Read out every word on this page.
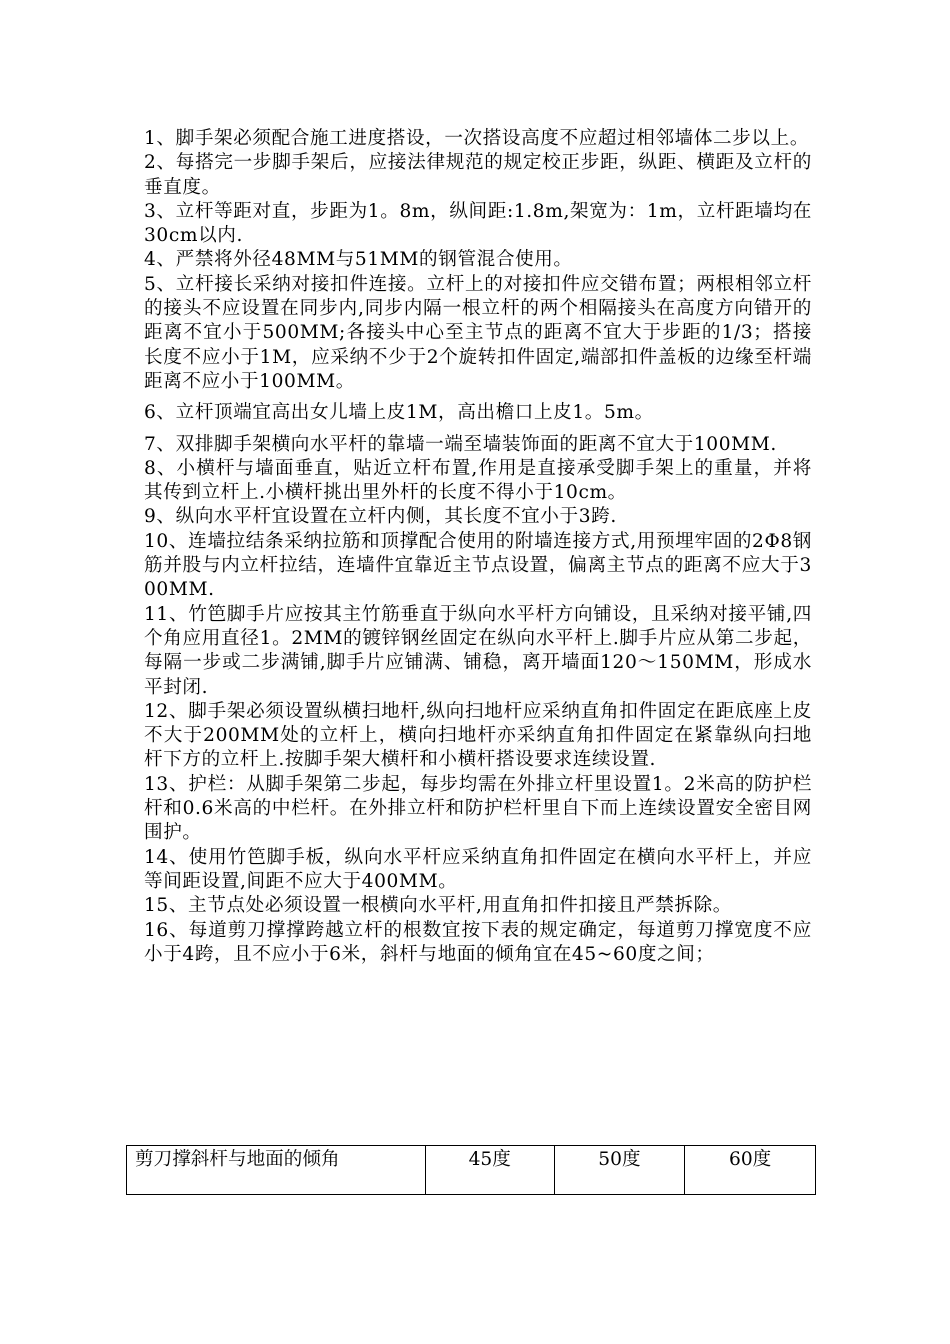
1、脚手架必须配合施工进度搭设，一次搭设高度不应超过相邻墙体二步以上。

2、每搭完一步脚手架后，应接法律规范的规定校正步距，纵距、横距及立杆的垂直度。

3、立杆等距对直，步距为1。8m，纵间距:1.8m,架宽为：1m，立杆距墙均在30cm以内.

4、严禁将外径48MM与51MM的钢管混合使用。

5、立杆接长采纳对接扣件连接。立杆上的对接扣件应交错布置；两根相邻立杆的接头不应设置在同步内,同步内隔一根立杆的两个相隔接头在高度方向错开的距离不宜小于500MM;各接头中心至主节点的距离不宜大于步距的1/3；搭接长度不应小于1M，应采纳不少于2个旋转扣件固定,端部扣件盖板的边缘至杆端距离不应小于100MM。

6、立杆顶端宜高出女儿墙上皮1M，高出檐口上皮1。5m。

7、双排脚手架横向水平杆的靠墙一端至墙装饰面的距离不宜大于100MM.

8、小横杆与墙面垂直，贴近立杆布置,作用是直接承受脚手架上的重量，并将其传到立杆上.小横杆挑出里外杆的长度不得小于10cm。

9、纵向水平杆宜设置在立杆内侧，其长度不宜小于3跨.

10、连墙拉结条采纳拉筋和顶撑配合使用的附墙连接方式,用预埋牢固的2Φ8钢筋并股与内立杆拉结，连墙件宜靠近主节点设置，偏离主节点的距离不应大于300MM.

11、竹笆脚手片应按其主竹筋垂直于纵向水平杆方向铺设，且采纳对接平铺,四个角应用直径1。2MM的镀锌钢丝固定在纵向水平杆上.脚手片应从第二步起，每隔一步或二步满铺,脚手片应铺满、铺稳，离开墙面120～150MM，形成水平封闭.

12、脚手架必须设置纵横扫地杆,纵向扫地杆应采纳直角扣件固定在距底座上皮不大于200MM处的立杆上，横向扫地杆亦采纳直角扣件固定在紧靠纵向扫地杆下方的立杆上.按脚手架大横杆和小横杆搭设要求连续设置.

13、护栏：从脚手架第二步起，每步均需在外排立杆里设置1。2米高的防护栏杆和0.6米高的中栏杆。在外排立杆和防护栏杆里自下而上连续设置安全密目网围护。

14、使用竹笆脚手板，纵向水平杆应采纳直角扣件固定在横向水平杆上，并应等间距设置,间距不应大于400MM。

15、主节点处必须设置一根横向水平杆,用直角扣件扣接且严禁拆除。

16、每道剪刀撑撑跨越立杆的根数宜按下表的规定确定，每道剪刀撑宽度不应小于4跨，且不应小于6米，斜杆与地面的倾角宜在45~60度之间；

剪刀撑斜杆与地面的倾角	45度	50度	60度
